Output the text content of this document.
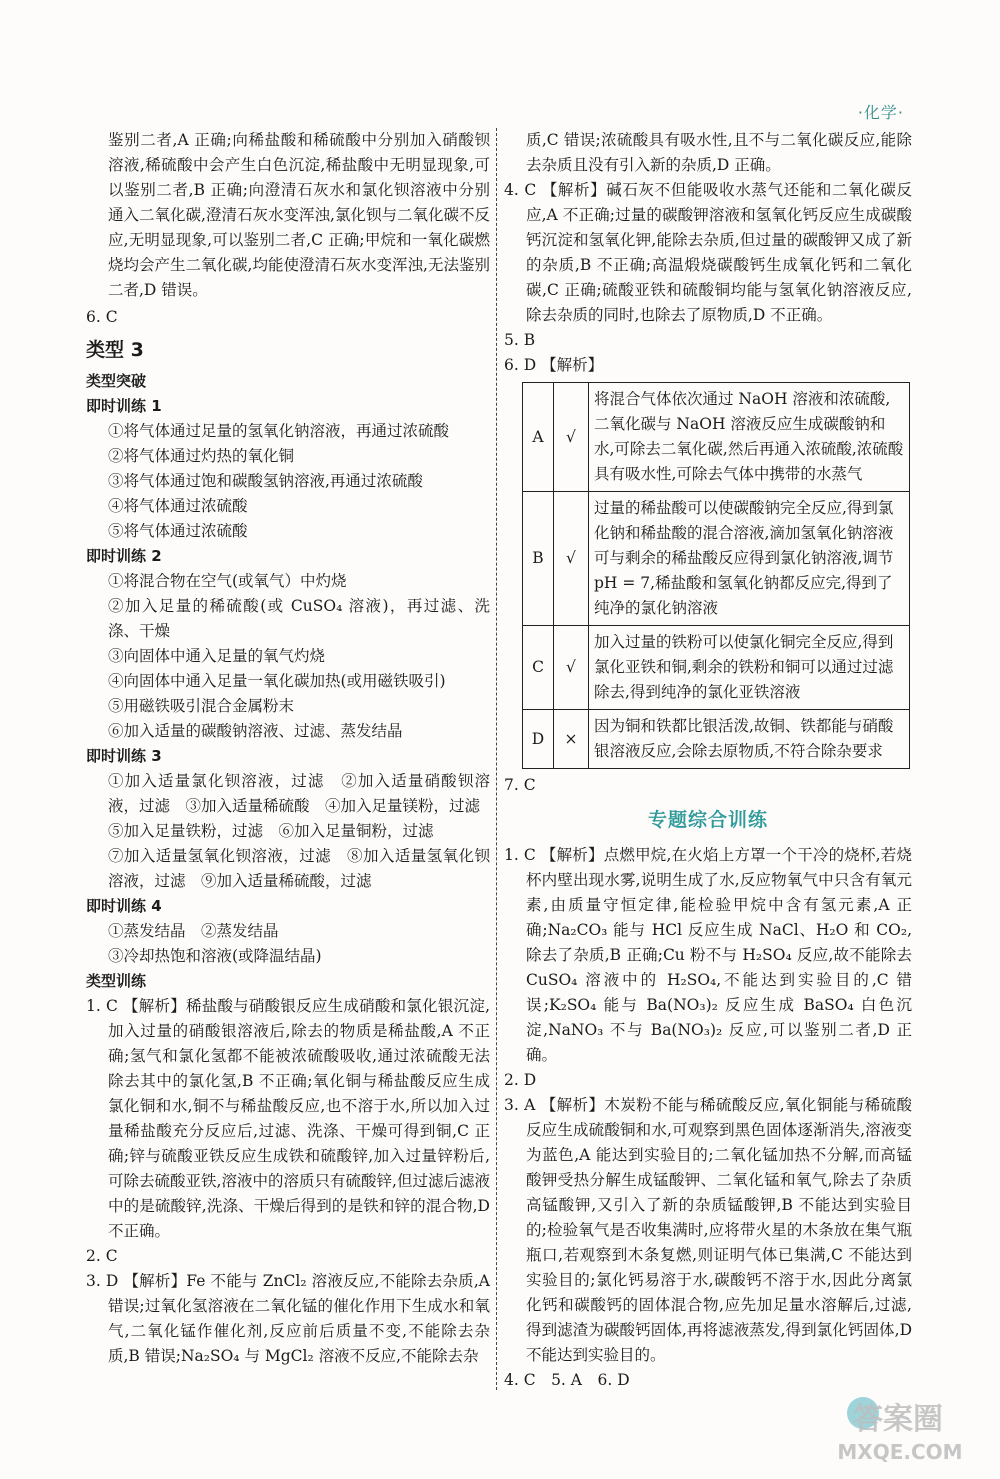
·化学·

鉴别二者,A 正确;向稀盐酸和稀硫酸中分别加入硝酸钡溶液,稀硫酸中会产生白色沉淀,稀盐酸中无明显现象,可以鉴别二者,B 正确;向澄清石灰水和氯化钡溶液中分别通入二氧化碳,澄清石灰水变浑浊,氯化钡与二氧化碳不反应,无明显现象,可以鉴别二者,C 正确;甲烷和一氧化碳燃烧均会产生二氧化碳,均能使澄清石灰水变浑浊,无法鉴别二者,D 错误。

6. C

类型 3
类型突破
即时训练 1

①将气体通过足量的氢氧化钠溶液，再通过浓硫酸

②将气体通过灼热的氧化铜

③将气体通过饱和碳酸氢钠溶液,再通过浓硫酸

④将气体通过浓硫酸

⑤将气体通过浓硫酸

即时训练 2

①将混合物在空气(或氧气）中灼烧

②加入足量的稀硫酸(或 CuSO₄ 溶液)，再过滤、洗涤、干燥

③向固体中通入足量的氧气灼烧

④向固体中通入足量一氧化碳加热(或用磁铁吸引)

⑤用磁铁吸引混合金属粉末

⑥加入适量的碳酸钠溶液、过滤、蒸发结晶

即时训练 3

①加入适量氯化钡溶液，过滤　②加入适量硝酸钡溶液，过滤　③加入适量稀硫酸　④加入足量镁粉，过滤

⑤加入足量铁粉，过滤　⑥加入足量铜粉，过滤

⑦加入适量氢氧化钡溶液，过滤　⑧加入适量氢氧化钡溶液，过滤　⑨加入适量稀硫酸，过滤

即时训练 4

①蒸发结晶　②蒸发结晶

③冷却热饱和溶液(或降温结晶)

类型训练

1. C 【解析】稀盐酸与硝酸银反应生成硝酸和氯化银沉淀,加入过量的硝酸银溶液后,除去的物质是稀盐酸,A 不正确;氢气和氯化氢都不能被浓硫酸吸收,通过浓硫酸无法除去其中的氯化氢,B 不正确;氧化铜与稀盐酸反应生成氯化铜和水,铜不与稀盐酸反应,也不溶于水,所以加入过量稀盐酸充分反应后,过滤、洗涤、干燥可得到铜,C 正确;锌与硫酸亚铁反应生成铁和硫酸锌,加入过量锌粉后,可除去硫酸亚铁,溶液中的溶质只有硫酸锌,但过滤后滤液中的是硫酸锌,洗涤、干燥后得到的是铁和锌的混合物,D 不正确。

2. C

3. D 【解析】Fe 不能与 ZnCl₂ 溶液反应,不能除去杂质,A 错误;过氧化氢溶液在二氧化锰的催化作用下生成水和氧气,二氧化锰作催化剂,反应前后质量不变,不能除去杂质,B 错误;Na₂SO₄ 与 MgCl₂ 溶液不反应,不能除去杂

质,C 错误;浓硫酸具有吸水性,且不与二氧化碳反应,能除去杂质且没有引入新的杂质,D 正确。

4. C 【解析】碱石灰不但能吸收水蒸气还能和二氧化碳反应,A 不正确;过量的碳酸钾溶液和氢氧化钙反应生成碳酸钙沉淀和氢氧化钾,能除去杂质,但过量的碳酸钾又成了新的杂质,B 不正确;高温煅烧碳酸钙生成氧化钙和二氧化碳,C 正确;硫酸亚铁和硫酸铜均能与氢氧化钠溶液反应,除去杂质的同时,也除去了原物质,D 不正确。

5. B

6. D 【解析】

A	√	将混合气体依次通过 NaOH 溶液和浓硫酸,二氧化碳与 NaOH 溶液反应生成碳酸钠和水,可除去二氧化碳,然后再通入浓硫酸,浓硫酸具有吸水性,可除去气体中携带的水蒸气
B	√	过量的稀盐酸可以使碳酸钠完全反应,得到氯化钠和稀盐酸的混合溶液,滴加氢氧化钠溶液可与剩余的稀盐酸反应得到氯化钠溶液,调节 pH = 7,稀盐酸和氢氧化钠都反应完,得到了纯净的氯化钠溶液
C	√	加入过量的铁粉可以使氯化铜完全反应,得到氯化亚铁和铜,剩余的铁粉和铜可以通过过滤除去,得到纯净的氯化亚铁溶液
D	×	因为铜和铁都比银活泼,故铜、铁都能与硝酸银溶液反应,会除去原物质,不符合除杂要求

7. C

专题综合训练

1. C 【解析】点燃甲烷,在火焰上方罩一个干冷的烧杯,若烧杯内壁出现水雾,说明生成了水,反应物氧气中只含有氧元素,由质量守恒定律,能检验甲烷中含有氢元素,A 正确;Na₂CO₃ 能与 HCl 反应生成 NaCl、H₂O 和 CO₂,除去了杂质,B 正确;Cu 粉不与 H₂SO₄ 反应,故不能除去 CuSO₄ 溶液中的 H₂SO₄,不能达到实验目的,C 错误;K₂SO₄ 能与 Ba(NO₃)₂ 反应生成 BaSO₄ 白色沉淀,NaNO₃ 不与 Ba(NO₃)₂ 反应,可以鉴别二者,D 正确。

2. D

3. A 【解析】木炭粉不能与稀硫酸反应,氧化铜能与稀硫酸反应生成硫酸铜和水,可观察到黑色固体逐渐消失,溶液变为蓝色,A 能达到实验目的;二氧化锰加热不分解,而高锰酸钾受热分解生成锰酸钾、二氧化锰和氧气,除去了杂质高锰酸钾,又引入了新的杂质锰酸钾,B 不能达到实验目的;检验氧气是否收集满时,应将带火星的木条放在集气瓶瓶口,若观察到木条复燃,则证明气体已集满,C 不能达到实验目的;氯化钙易溶于水,碳酸钙不溶于水,因此分离氯化钙和碳酸钙的固体混合物,应先加足量水溶解后,过滤,得到滤渣为碳酸钙固体,再将滤液蒸发,得到氯化钙固体,D 不能达到实验目的。

4. C　5. A　6. D

答案圈
MXQE.COM
